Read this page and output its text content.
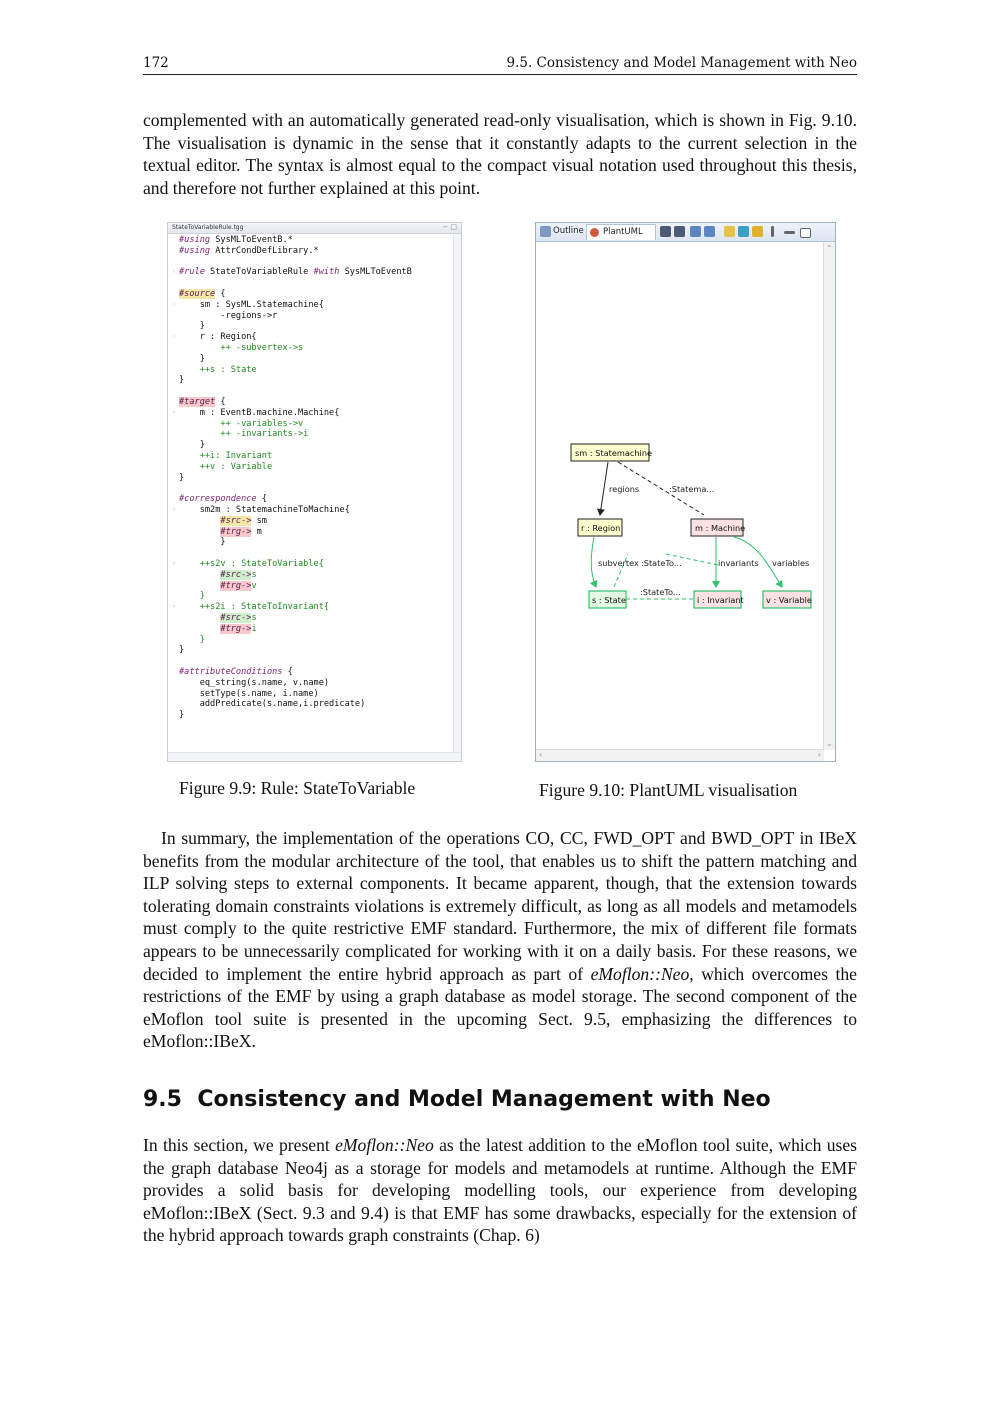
172	9.5. Consistency and Model Management with Neo

complemented with an automatically generated read-only visualisation, which is shown in Fig. 9.10. The visualisation is dynamic in the sense that it constantly adapts to the current selection in the textual editor. The syntax is almost equal to the compact visual notation used throughout this thesis, and therefore not further explained at this point.

StateToVariableRule.tgg	− □
#using SysMLToEventB.*
#using AttrCondDefLibrary.*
◦ #rule StateToVariableRule #with SysMLToEventB
#source {
◦ sm : SysML.Statemachine{
-regions->r
}
◦ r : Region{
++ -subvertex->s
}
++s : State
}
#target {
◦ m : EventB.machine.Machine{
++ -variables->v
++ -invariants->i
}
++i: Invariant
++v : Variable
}
#correspondence {
◦ sm2m : StatemachineToMachine{
#src-> sm
#trg-> m
}
◦ ++s2v : StateToVariable{
#src->s
#trg->v
}
◦ ++s2i : StateToInvariant{
#src->s
#trg->i
}
}
#attributeConditions {
eq_string(s.name, v.name)
setType(s.name, i.name)
addPredicate(s.name,i.predicate)
}
Figure 9.9: Rule: StateToVariable
Outline	PlantUML
regions	:Statema...
subvertex :StateTo...	invariants variables
:StateTo...
sm : Statemachine
r : Region	m : Machine
s : State	i : Invariant	v : Variable
⌃
⌄
‹	›
Figure 9.10: PlantUML visualisation

In summary, the implementation of the operations CO, CC, FWD_OPT and BWD_OPT in IBeX benefits from the modular architecture of the tool, that enables us to shift the pattern matching and ILP solving steps to external components. It became apparent, though, that the extension towards tolerating domain constraints violations is extremely difficult, as long as all models and metamodels must comply to the quite restrictive EMF standard. Furthermore, the mix of different file formats appears to be unnecessarily complicated for working with it on a daily basis. For these reasons, we decided to implement the entire hybrid approach as part of eMoflon::Neo, which overcomes the restrictions of the EMF by using a graph database as model storage. The second component of the eMoflon tool suite is presented in the upcoming Sect. 9.5, emphasizing the differences to eMoflon::IBeX.

9.5 Consistency and Model Management with Neo

In this section, we present eMoflon::Neo as the latest addition to the eMoflon tool suite, which uses the graph database Neo4j as a storage for models and metamodels at runtime. Although the EMF provides a solid basis for developing modelling tools, our experience from developing eMoflon::IBeX (Sect. 9.3 and 9.4) is that EMF has some drawbacks, especially for the extension of the hybrid approach towards graph constraints (Chap. 6)
